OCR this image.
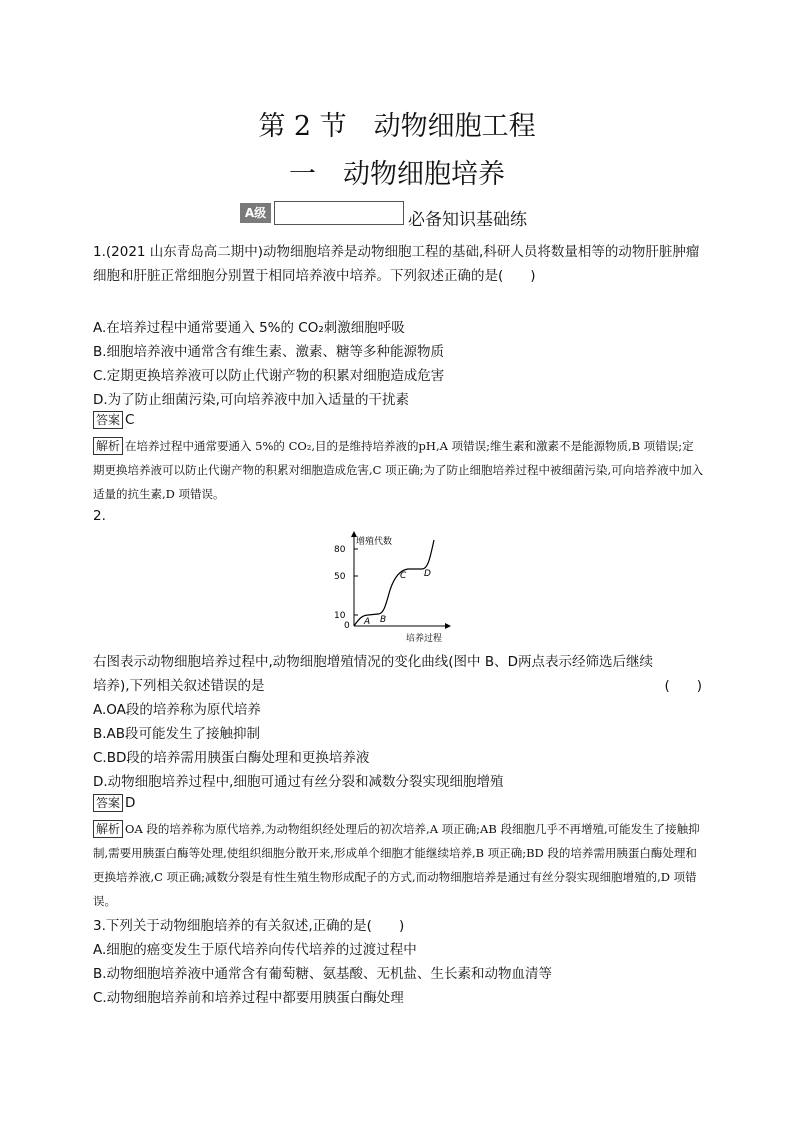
第 2 节　动物细胞工程
一　动物细胞培养
A级	必备知识基础练
1.(2021 山东青岛高二期中)动物细胞培养是动物细胞工程的基础,科研人员将数量相等的动物肝脏肿瘤细胞和肝脏正常细胞分别置于相同培养液中培养。下列叙述正确的是(　　)
A.在培养过程中通常要通入 5%的 CO₂刺激细胞呼吸
B.细胞培养液中通常含有维生素、激素、糖等多种能源物质
C.定期更换培养液可以防止代谢产物的积累对细胞造成危害
D.为了防止细菌污染,可向培养液中加入适量的干扰素
答案 C
解析 在培养过程中通常要通入 5%的 CO₂,目的是维持培养液的pH,A 项错误;维生素和激素不是能源物质,B 项错误;定期更换培养液可以防止代谢产物的积累对细胞造成危害,C 项正确;为了防止细胞培养过程中被细菌污染,可向培养液中加入适量的抗生素,D 项错误。
2.
增殖代数
80
50
10
0 A B
C D
培养过程
右图表示动物细胞培养过程中,动物细胞增殖情况的变化曲线(图中 B、D两点表示经筛选后继续培养),下列相关叙述错误的是	(　　)
A.OA段的培养称为原代培养
B.AB段可能发生了接触抑制
C.BD段的培养需用胰蛋白酶处理和更换培养液
D.动物细胞培养过程中,细胞可通过有丝分裂和减数分裂实现细胞增殖
答案 D
解析 OA 段的培养称为原代培养,为动物组织经处理后的初次培养,A 项正确;AB 段细胞几乎不再增殖,可能发生了接触抑制,需要用胰蛋白酶等处理,使组织细胞分散开来,形成单个细胞才能继续培养,B 项正确;BD 段的培养需用胰蛋白酶处理和更换培养液,C 项正确;减数分裂是有性生殖生物形成配子的方式,而动物细胞培养是通过有丝分裂实现细胞增殖的,D 项错误。
3.下列关于动物细胞培养的有关叙述,正确的是(　　)
A.细胞的癌变发生于原代培养向传代培养的过渡过程中
B.动物细胞培养液中通常含有葡萄糖、氨基酸、无机盐、生长素和动物血清等
C.动物细胞培养前和培养过程中都要用胰蛋白酶处理
